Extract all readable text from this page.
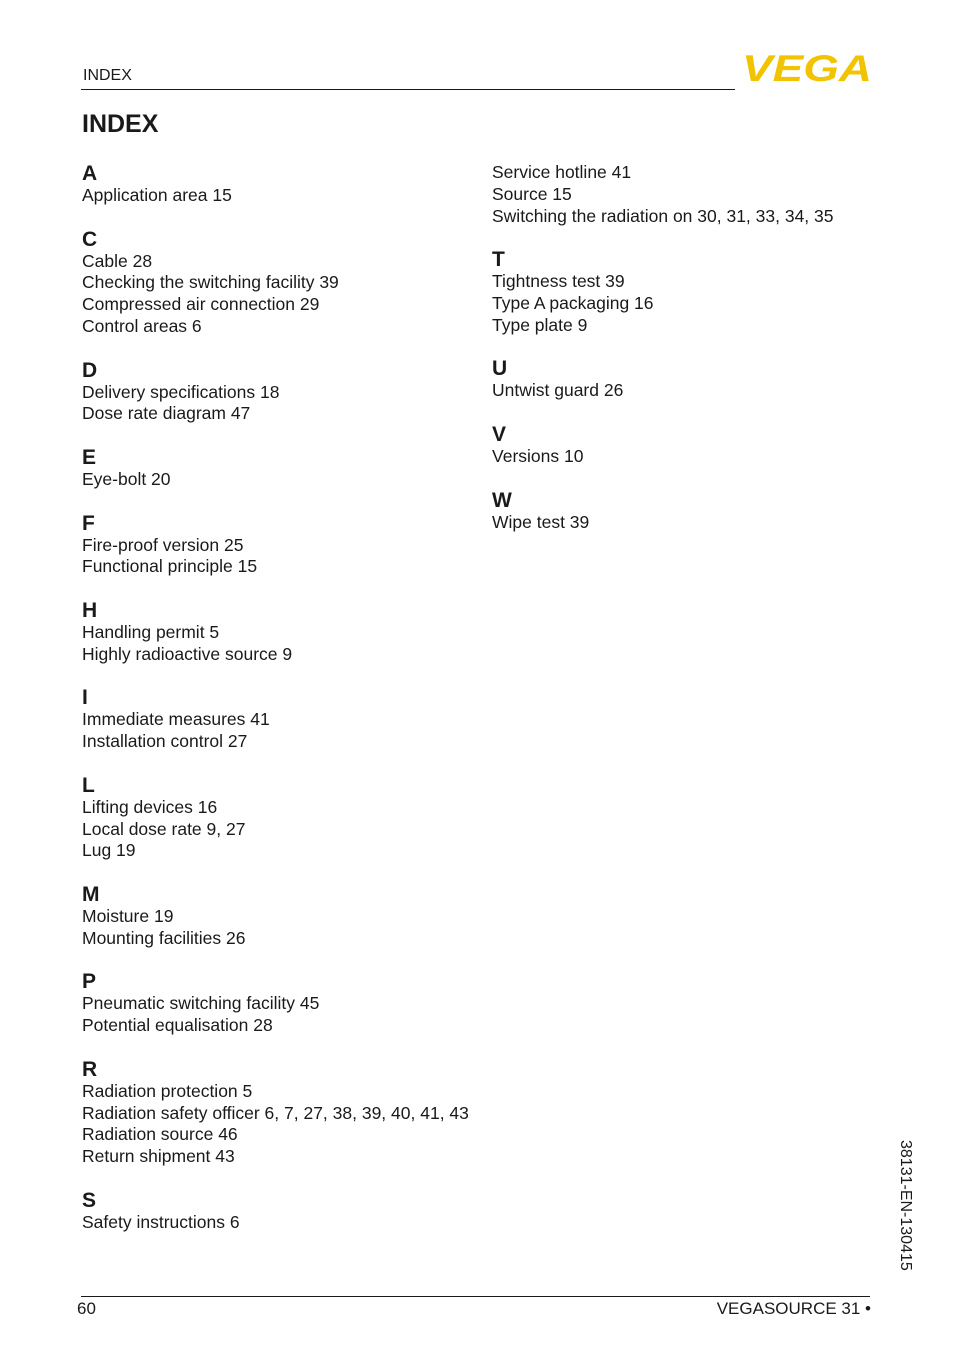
INDEX	VEGA
INDEX
A
Application area 15
C
Cable 28
Checking the switching facility 39
Compressed air connection 29
Control areas 6
D
Delivery specifications 18
Dose rate diagram 47
E
Eye-bolt 20
F
Fire-proof version 25
Functional principle 15
H
Handling permit 5
Highly radioactive source 9
I
Immediate measures 41
Installation control 27
L
Lifting devices 16
Local dose rate 9, 27
Lug 19
M
Moisture 19
Mounting facilities 26
P
Pneumatic switching facility 45
Potential equalisation 28
R
Radiation protection 5
Radiation safety officer 6, 7, 27, 38, 39, 40, 41, 43
Radiation source 46
Return shipment 43
S
Safety instructions 6
Service hotline 41
Source 15
Switching the radiation on 30, 31, 33, 34, 35
T
Tightness test 39
Type A packaging 16
Type plate 9
U
Untwist guard 26
V
Versions 10
W
Wipe test 39
60	VEGASOURCE 31 •
38131-EN-130415
